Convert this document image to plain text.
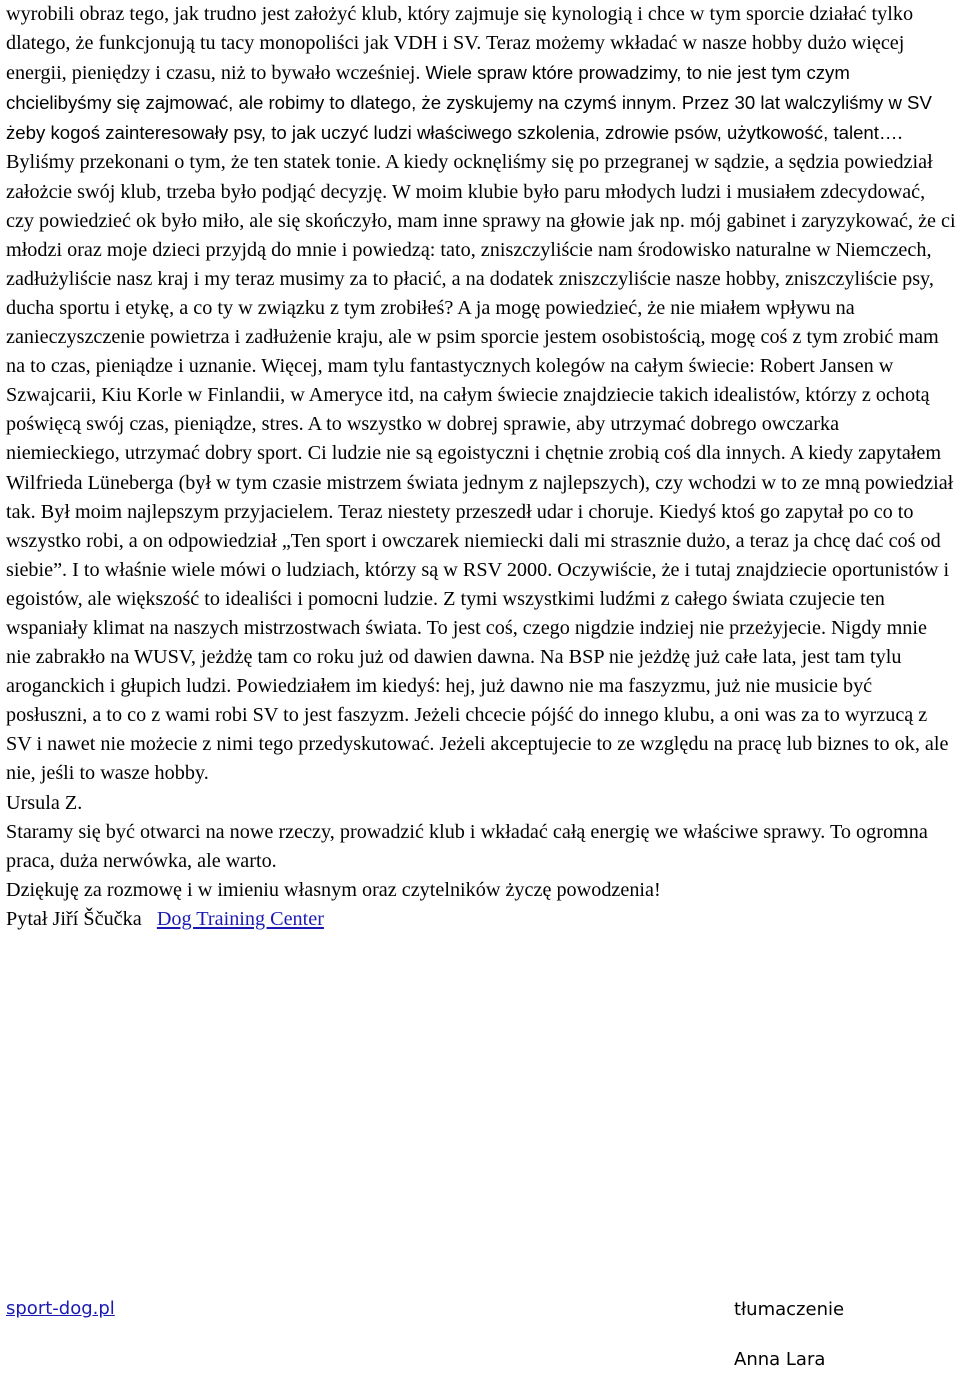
wyrobili obraz tego, jak trudno jest założyć klub, który zajmuje się kynologią i chce w tym sporcie działać tylko dlatego, że funkcjonują tu tacy monopoliści jak VDH i SV. Teraz możemy wkładać w nasze hobby dużo więcej energii, pieniędzy i czasu, niż to bywało wcześniej. Wiele spraw które prowadzimy, to nie jest tym czym chcielibyśmy się zajmować, ale robimy to dlatego, że zyskujemy na czymś innym. Przez 30 lat walczyliśmy w SV żeby kogoś zainteresowały psy, to jak uczyć ludzi właściwego szkolenia, zdrowie psów, użytkowość, talent…. Byliśmy przekonani o tym, że ten statek tonie. A kiedy ocknęliśmy się po przegranej w sądzie, a sędzia powiedział założcie swój klub, trzeba było podjąć decyzję. W moim klubie było paru młodych ludzi i musiałem zdecydować, czy powiedzieć ok było miło, ale się skończyło, mam inne sprawy na głowie jak np. mój gabinet i zaryzykować, że ci młodzi oraz moje dzieci przyjdą do mnie i powiedzą: tato, zniszczyliście nam środowisko naturalne w Niemczech, zadłużyliście nasz kraj i my teraz musimy za to płacić, a na dodatek zniszczyliście nasze hobby, zniszczyliście psy, ducha sportu i etykę, a co ty w związku z tym zrobiłeś? A ja mogę powiedzieć, że nie miałem wpływu na zanieczyszczenie powietrza i zadłużenie kraju, ale w psim sporcie jestem osobistością, mogę coś z tym zrobić mam na to czas, pieniądze i uznanie. Więcej, mam tylu fantastycznych kolegów na całym świecie: Robert Jansen w Szwajcarii, Kiu Korle w Finlandii, w Ameryce itd, na całym świecie znajdziecie takich idealistów, którzy z ochotą poświęcą swój czas, pieniądze, stres. A to wszystko w dobrej sprawie, aby utrzymać dobrego owczarka niemieckiego, utrzymać dobry sport. Ci ludzie nie są egoistyczni i chętnie zrobią coś dla innych. A kiedy zapytałem Wilfrieda Lüneberga (był w tym czasie mistrzem świata jednym z najlepszych), czy wchodzi w to ze mną powiedział tak. Był moim najlepszym przyjacielem. Teraz niestety przeszedł udar i choruje. Kiedyś ktoś go zapytał po co to wszystko robi, a on odpowiedział „Ten sport i owczarek niemiecki dali mi strasznie dużo, a teraz ja chcę dać coś od siebie”. I to właśnie wiele mówi o ludziach, którzy są w RSV 2000. Oczywiście, że i tutaj znajdziecie oportunistów i egoistów, ale większość to idealiści i pomocni ludzie. Z tymi wszystkimi ludźmi z całego świata czujecie ten wspaniały klimat na naszych mistrzostwach świata. To jest coś, czego nigdzie indziej nie przeżyjecie. Nigdy mnie nie zabrakło na WUSV, jeżdżę tam co roku już od dawien dawna. Na BSP nie jeżdżę już całe lata, jest tam tylu aroganckich i głupich ludzi. Powiedziałem im kiedyś: hej, już dawno nie ma faszyzmu, już nie musicie być posłuszni, a to co z wami robi SV to jest faszyzm. Jeżeli chcecie pójść do innego klubu, a oni was za to wyrzucą z SV i nawet nie możecie z nimi tego przedyskutować. Jeżeli akceptujecie to ze względu na pracę lub biznes to ok, ale nie, jeśli to wasze hobby.

Ursula Z.

Staramy się być otwarci na nowe rzeczy, prowadzić klub i wkładać całą energię we właściwe sprawy. To ogromna praca, duża nerwówka, ale warto.

Dziękuję za rozmowę i w imieniu własnym oraz czytelników życzę powodzenia!

Pytał Jiří Ščučka Dog Training Center

sport-dog.pl	tłumaczenie
Anna Lara
